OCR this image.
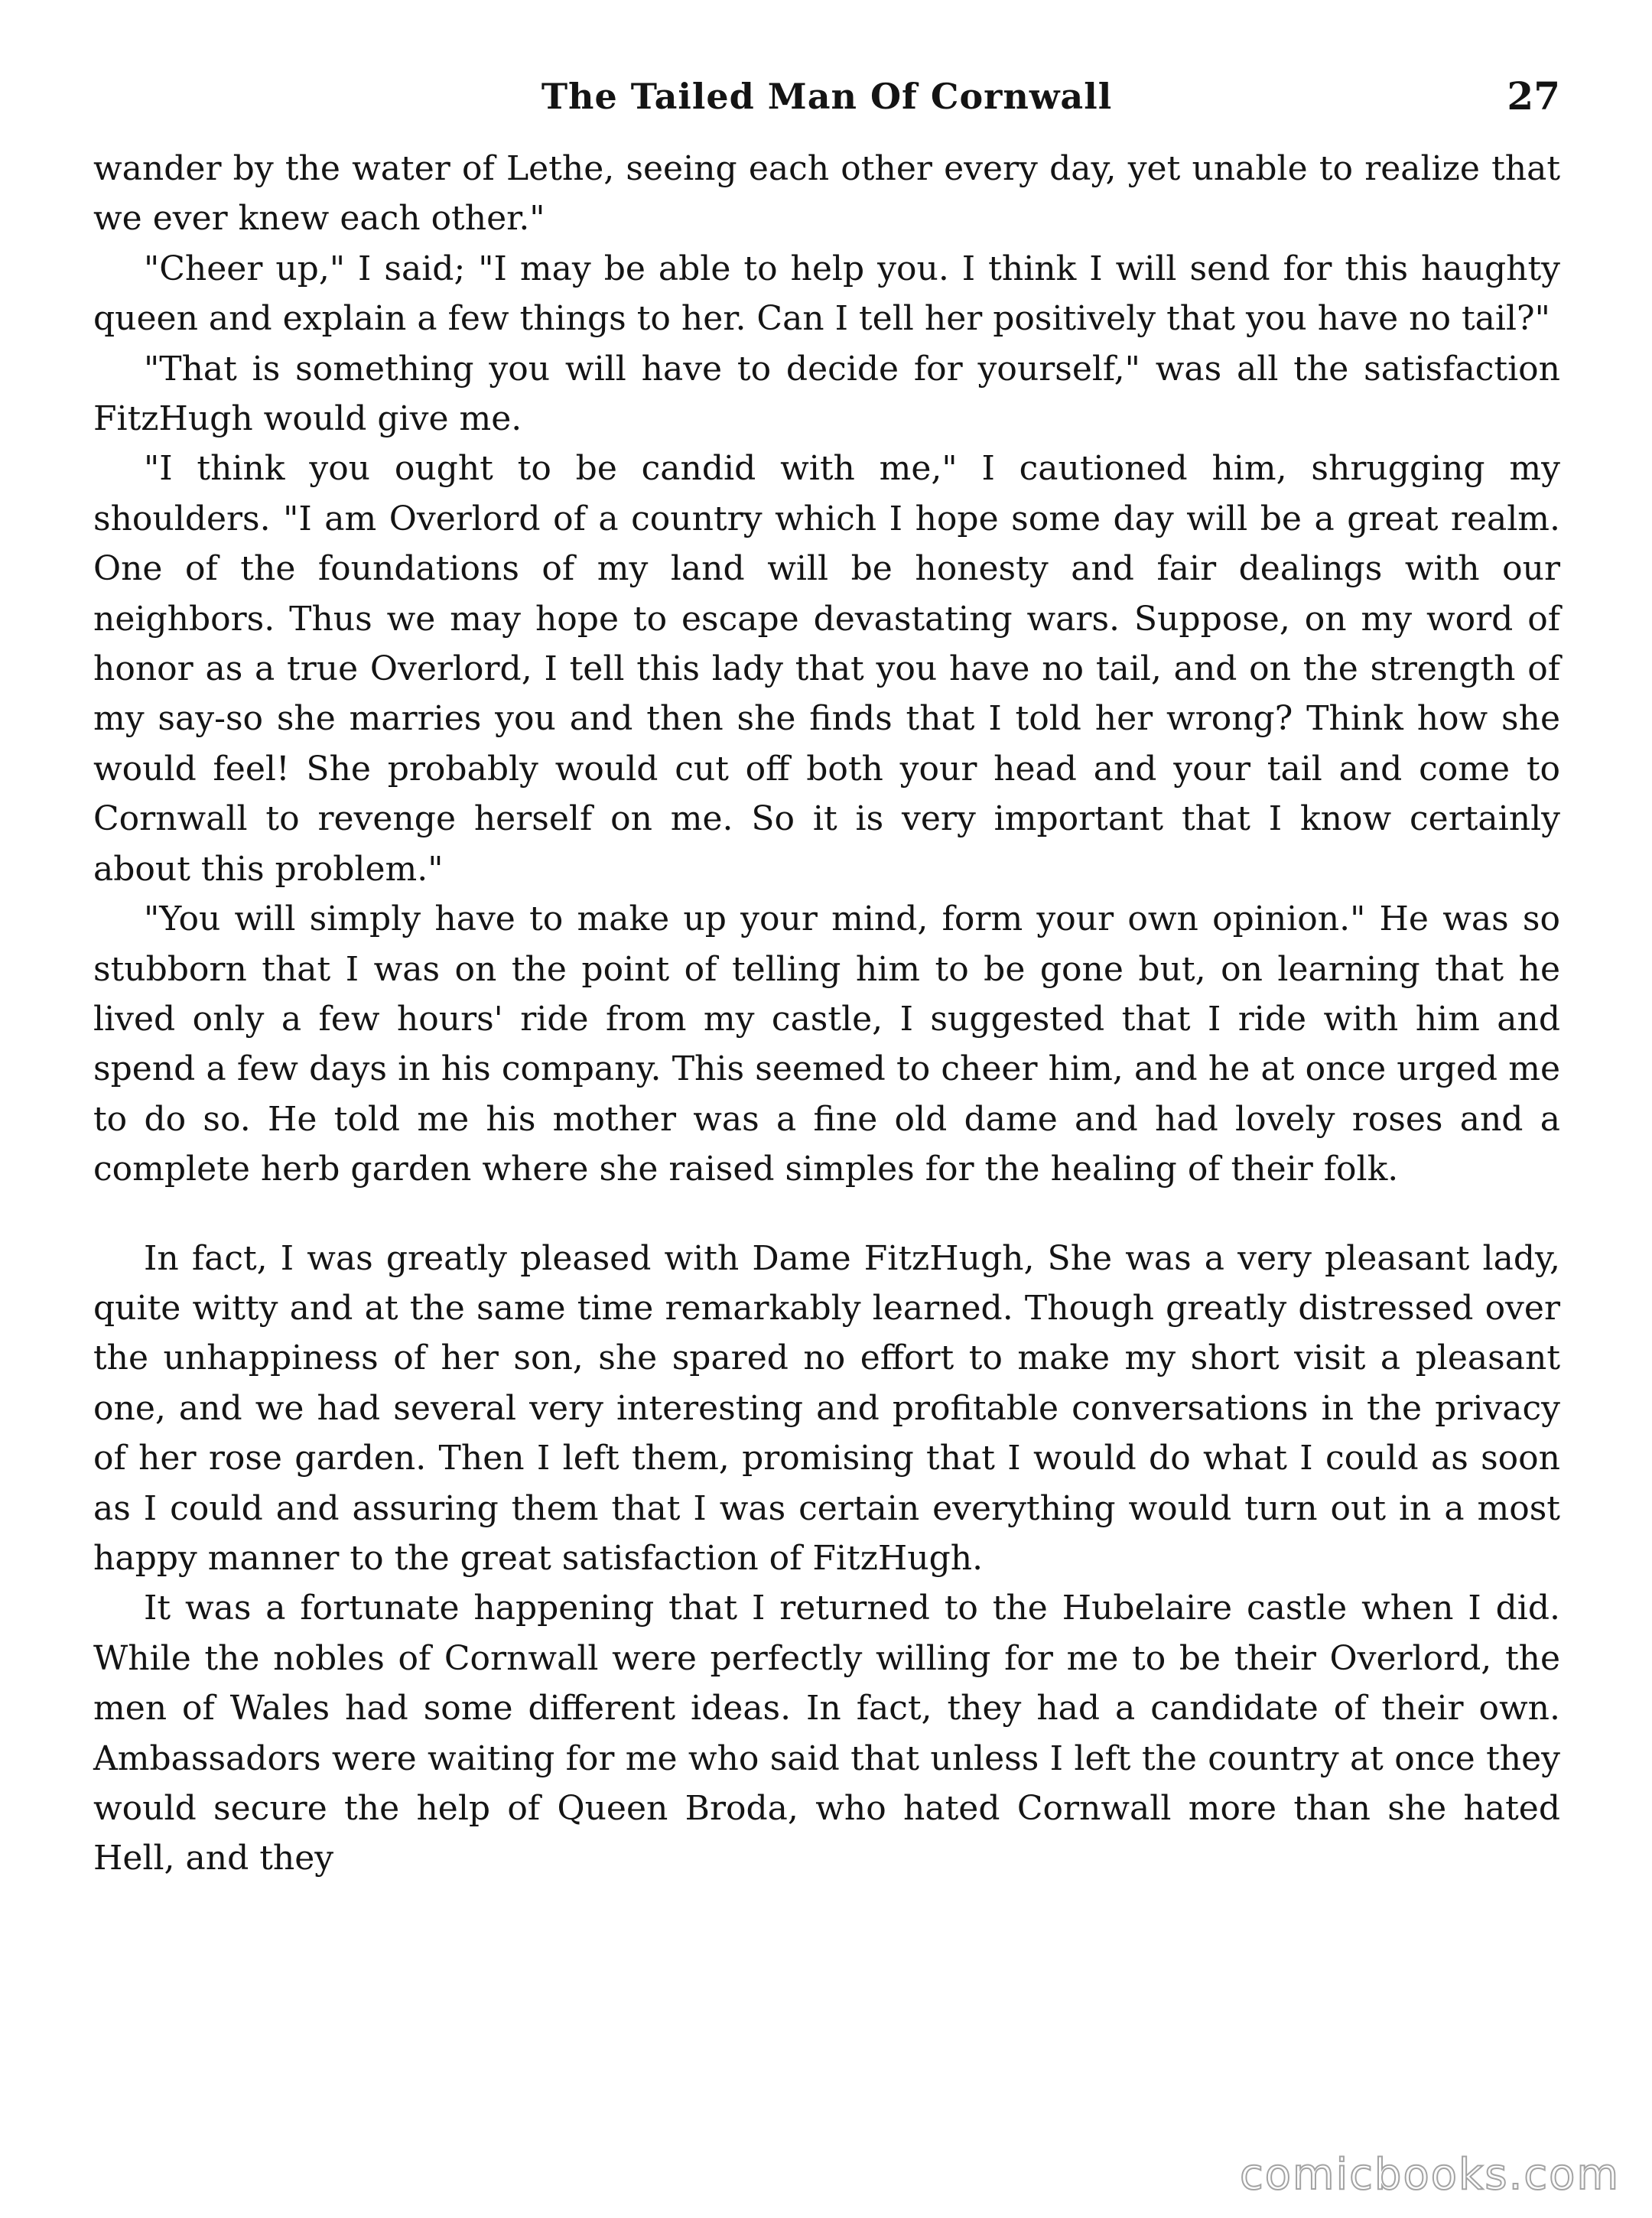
The Tailed Man Of Cornwall	27

wander by the water of Lethe, seeing each other every day, yet unable to realize that we ever knew each other."

"Cheer up," I said; "I may be able to help you. I think I will send for this haughty queen and explain a few things to her. Can I tell her positively that you have no tail?"

"That is something you will have to decide for yourself," was all the satisfaction FitzHugh would give me.

"I think you ought to be candid with me," I cautioned him, shrugging my shoulders. "I am Overlord of a country which I hope some day will be a great realm. One of the foundations of my land will be honesty and fair dealings with our neighbors. Thus we may hope to escape devastating wars. Suppose, on my word of honor as a true Overlord, I tell this lady that you have no tail, and on the strength of my say-so she marries you and then she finds that I told her wrong? Think how she would feel! She probably would cut off both your head and your tail and come to Cornwall to revenge herself on me. So it is very important that I know certainly about this problem."

"You will simply have to make up your mind, form your own opinion." He was so stubborn that I was on the point of telling him to be gone but, on learning that he lived only a few hours' ride from my castle, I suggested that I ride with him and spend a few days in his company. This seemed to cheer him, and he at once urged me to do so. He told me his mother was a fine old dame and had lovely roses and a complete herb garden where she raised simples for the healing of their folk.

In fact, I was greatly pleased with Dame FitzHugh, She was a very pleasant lady, quite witty and at the same time remarkably learned. Though greatly distressed over the unhappiness of her son, she spared no effort to make my short visit a pleasant one, and we had several very interesting and profitable conversations in the privacy of her rose garden. Then I left them, promising that I would do what I could as soon as I could and assuring them that I was certain everything would turn out in a most happy manner to the great satisfaction of FitzHugh.

It was a fortunate happening that I returned to the Hubelaire castle when I did. While the nobles of Cornwall were perfectly willing for me to be their Overlord, the men of Wales had some different ideas. In fact, they had a candidate of their own. Ambassadors were waiting for me who said that unless I left the country at once they would secure the help of Queen Broda, who hated Cornwall more than she hated Hell, and they

comicbooks.com
